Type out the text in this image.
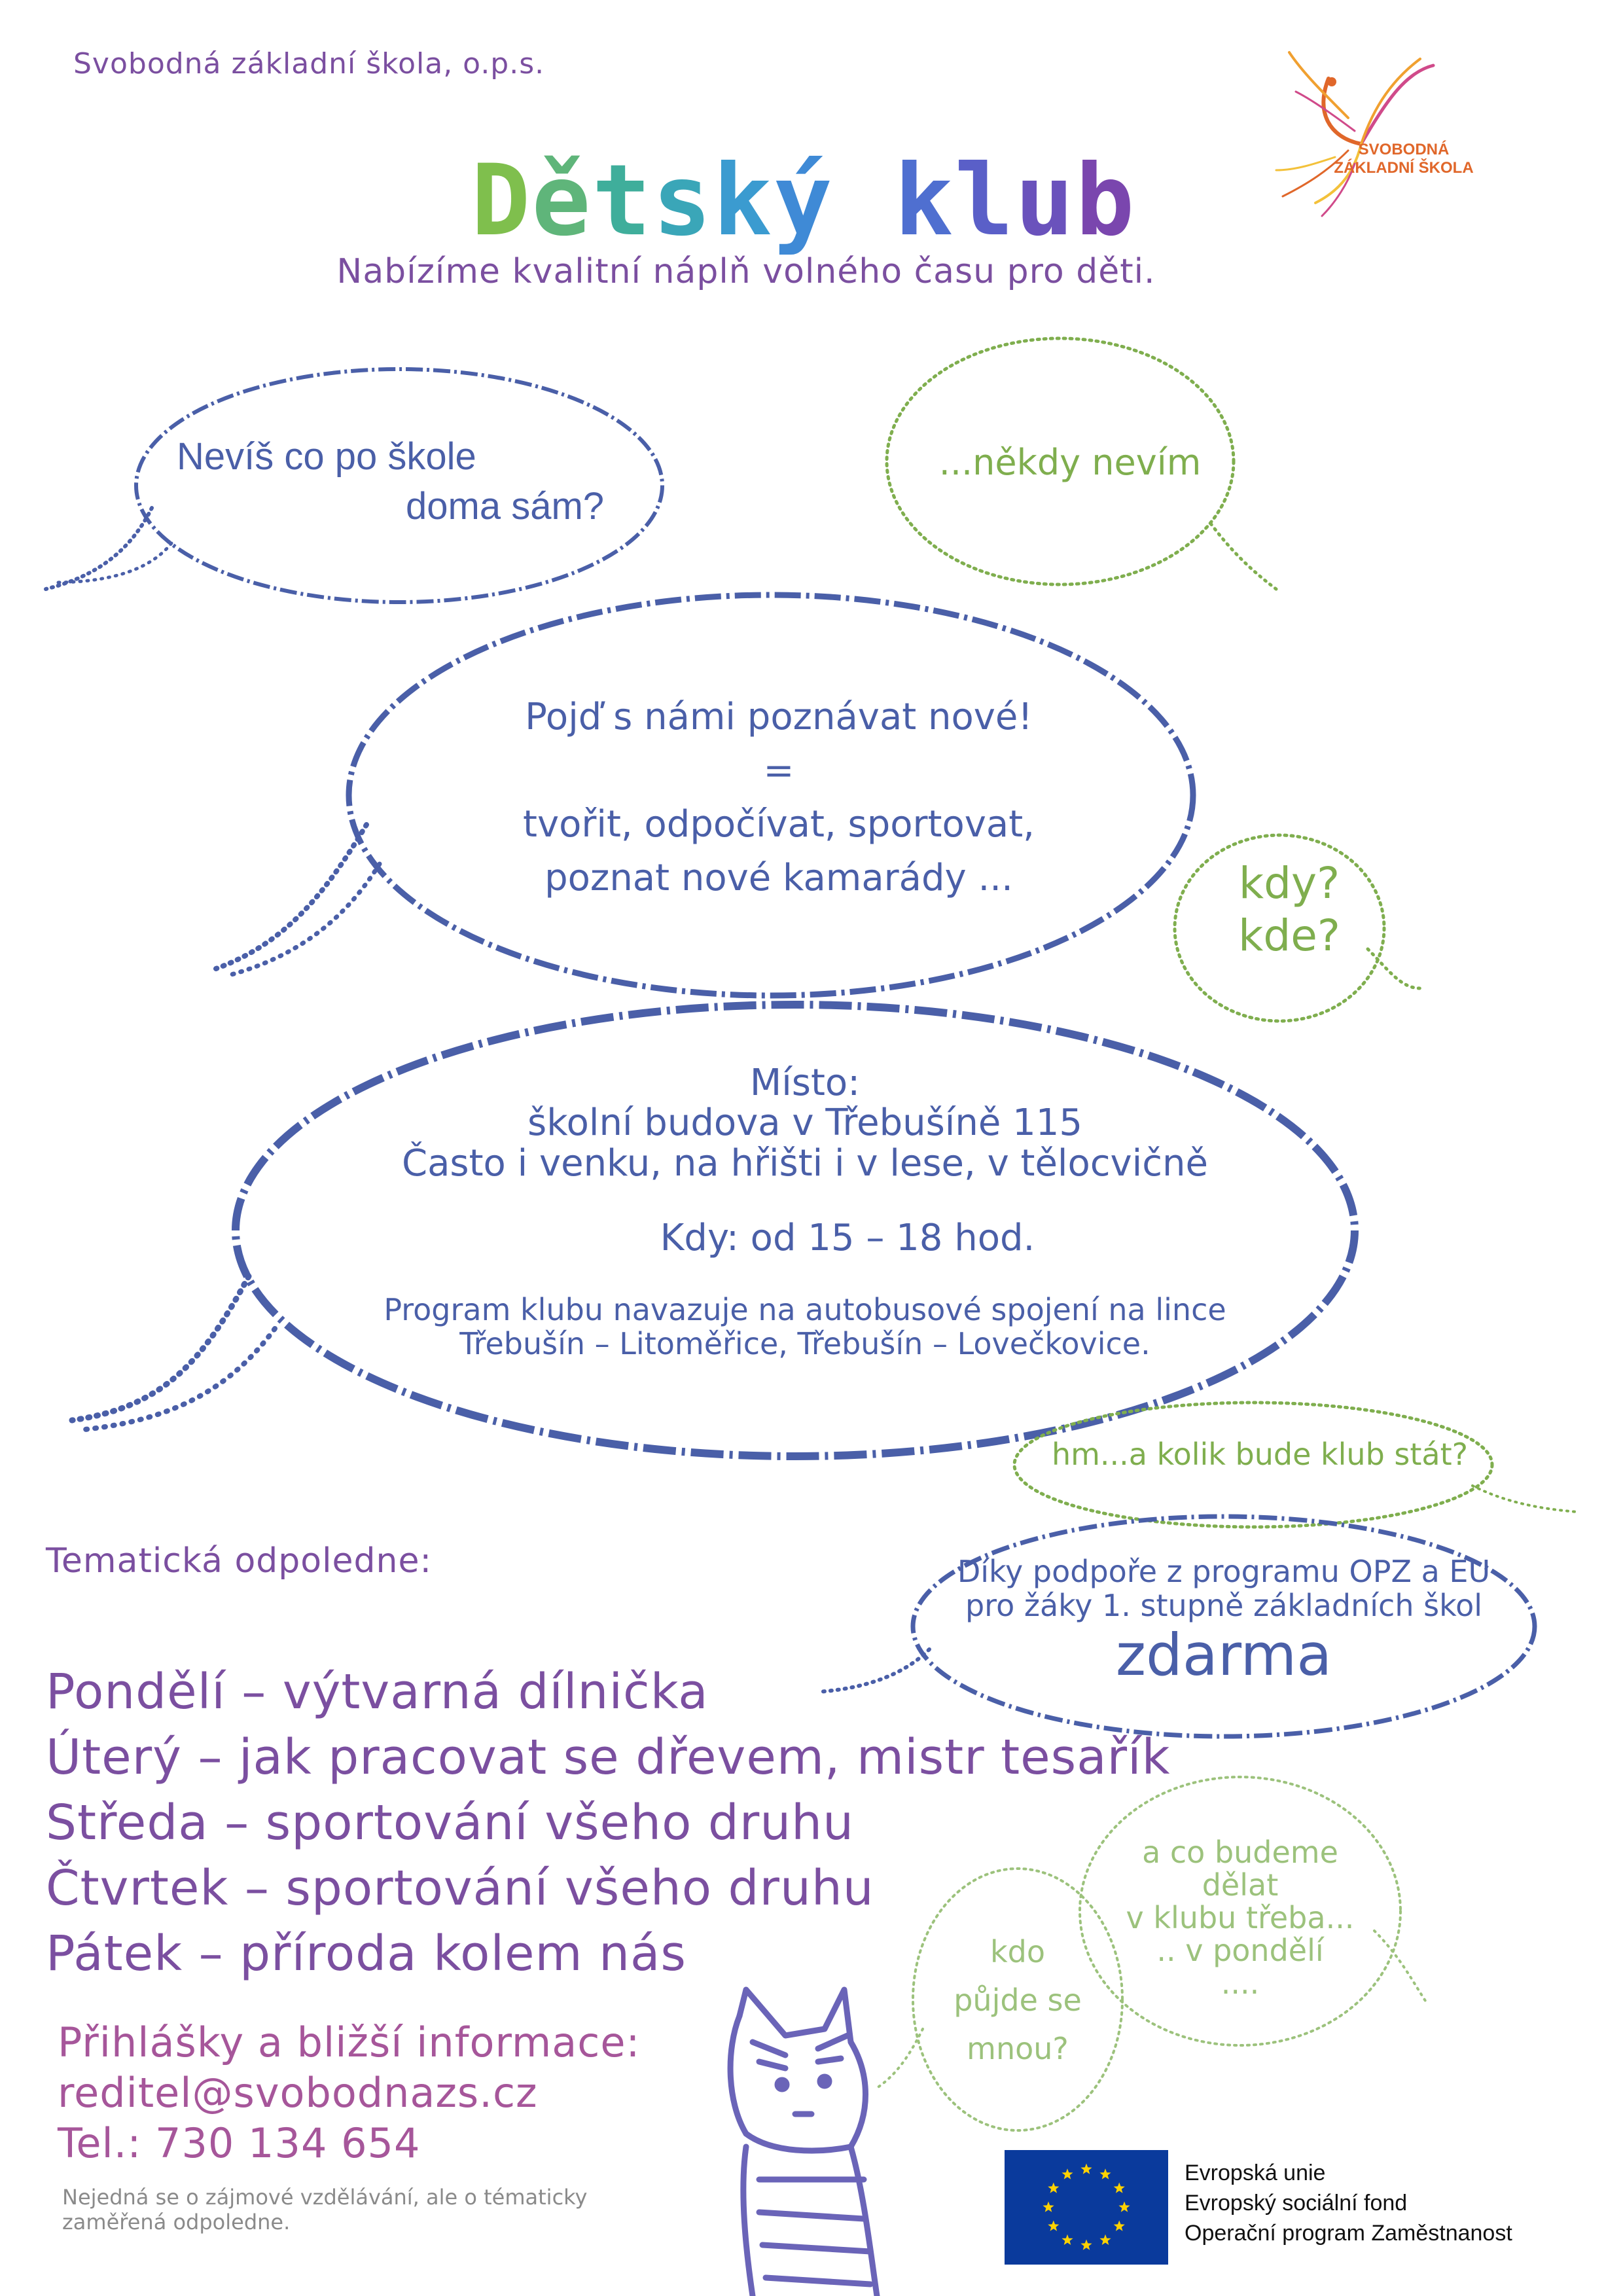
Svobodná základní škola, o.p.s.
Dětský klub
Nabízíme kvalitní náplň volného času pro děti.
SVOBODNÁ
ZÁKLADNÍ ŠKOLA
Nevíš co po škole
doma sám?
...někdy nevím
Pojď s námi poznávat nové!
=
tvořit, odpočívat, sportovat,
poznat nové kamarády ...	kdy?
kde?
Místo:
školní budova v Třebušíně 115
Často i venku, na hřišti i v lese, v tělocvičně
Kdy: od 15 – 18 hod.
Program klubu navazuje na autobusové spojení na lince
Třebušín – Litoměřice, Třebušín – Lovečkovice.
hm...a kolik bude klub stát?
Díky podpoře z programu OPZ a EU
pro žáky 1. stupně základních škol
zdarma
kdo
půjde se
mnou?
a co budeme
dělat
v klubu třeba...
.. v pondělí
....
Tematická odpoledne:
Pondělí – výtvarná dílnička
Úterý – jak pracovat se dřevem, mistr tesařík
Středa – sportování všeho druhu
Čtvrtek – sportování všeho druhu
Pátek – příroda kolem nás
Přihlášky a bližší informace:
reditel@svobodnazs.cz
Tel.: 730 134 654
Nejedná se o zájmové vzdělávání, ale o tématicky
zaměřená odpoledne.
Evropská unie
Evropský sociální fond
Operační program Zaměstnanost
